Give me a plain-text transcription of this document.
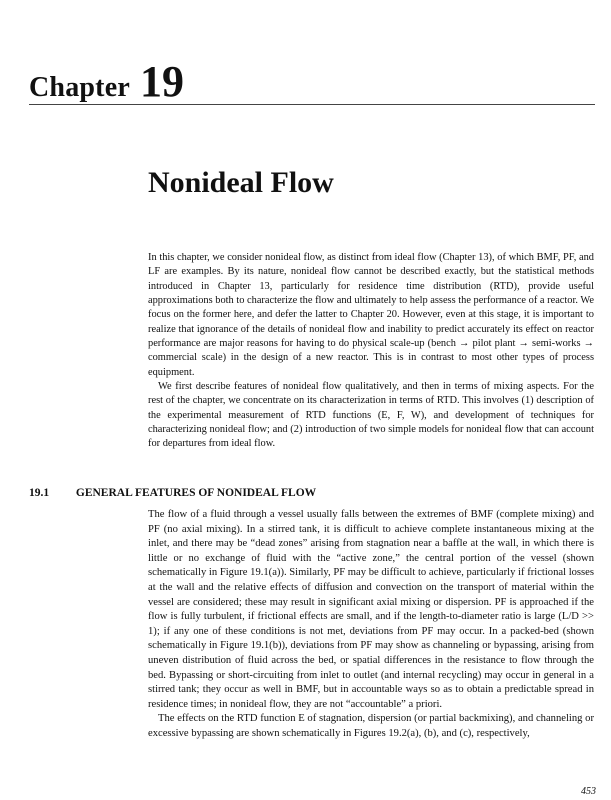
Chapter 19
Nonideal Flow

In this chapter, we consider nonideal flow, as distinct from ideal flow (Chapter 13), of which BMF, PF, and LF are examples. By its nature, nonideal flow cannot be described exactly, but the statistical methods introduced in Chapter 13, particularly for residence time distribution (RTD), provide useful approximations both to characterize the flow and ultimately to help assess the performance of a reactor. We focus on the former here, and defer the latter to Chapter 20. However, even at this stage, it is important to realize that ignorance of the details of nonideal flow and inability to predict accurately its effect on reactor performance are major reasons for having to do physical scale-up (bench → pilot plant → semi-works → commercial scale) in the design of a new reactor. This is in contrast to most other types of process equipment.

We first describe features of nonideal flow qualitatively, and then in terms of mixing aspects. For the rest of the chapter, we concentrate on its characterization in terms of RTD. This involves (1) description of the experimental measurement of RTD functions (E, F, W), and development of techniques for characterizing nonideal flow; and (2) introduction of two simple models for nonideal flow that can account for departures from ideal flow.

19.1 GENERAL FEATURES OF NONIDEAL FLOW

The flow of a fluid through a vessel usually falls between the extremes of BMF (complete mixing) and PF (no axial mixing). In a stirred tank, it is difficult to achieve complete instantaneous mixing at the inlet, and there may be “dead zones” arising from stagnation near a baffle at the wall, in which there is little or no exchange of fluid with the “active zone,” the central portion of the vessel (shown schematically in Figure 19.1(a)). Similarly, PF may be difficult to achieve, particularly if frictional losses at the wall and the relative effects of diffusion and convection on the transport of material within the vessel are considered; these may result in significant axial mixing or dispersion. PF is approached if the flow is fully turbulent, if frictional effects are small, and if the length-to-diameter ratio is large (L/D >> 1); if any one of these conditions is not met, deviations from PF may occur. In a packed-bed (shown schematically in Figure 19.1(b)), deviations from PF may show as channeling or bypassing, arising from uneven distribution of fluid across the bed, or spatial differences in the resistance to flow through the bed. Bypassing or short-circuiting from inlet to outlet (and internal recycling) may occur in general in a stirred tank; they occur as well in BMF, but in accountable ways so as to obtain a predictable spread in residence times; in nonideal flow, they are not “accountable” a priori.

The effects on the RTD function E of stagnation, dispersion (or partial backmixing), and channeling or excessive bypassing are shown schematically in Figures 19.2(a), (b), and (c), respectively,

453
